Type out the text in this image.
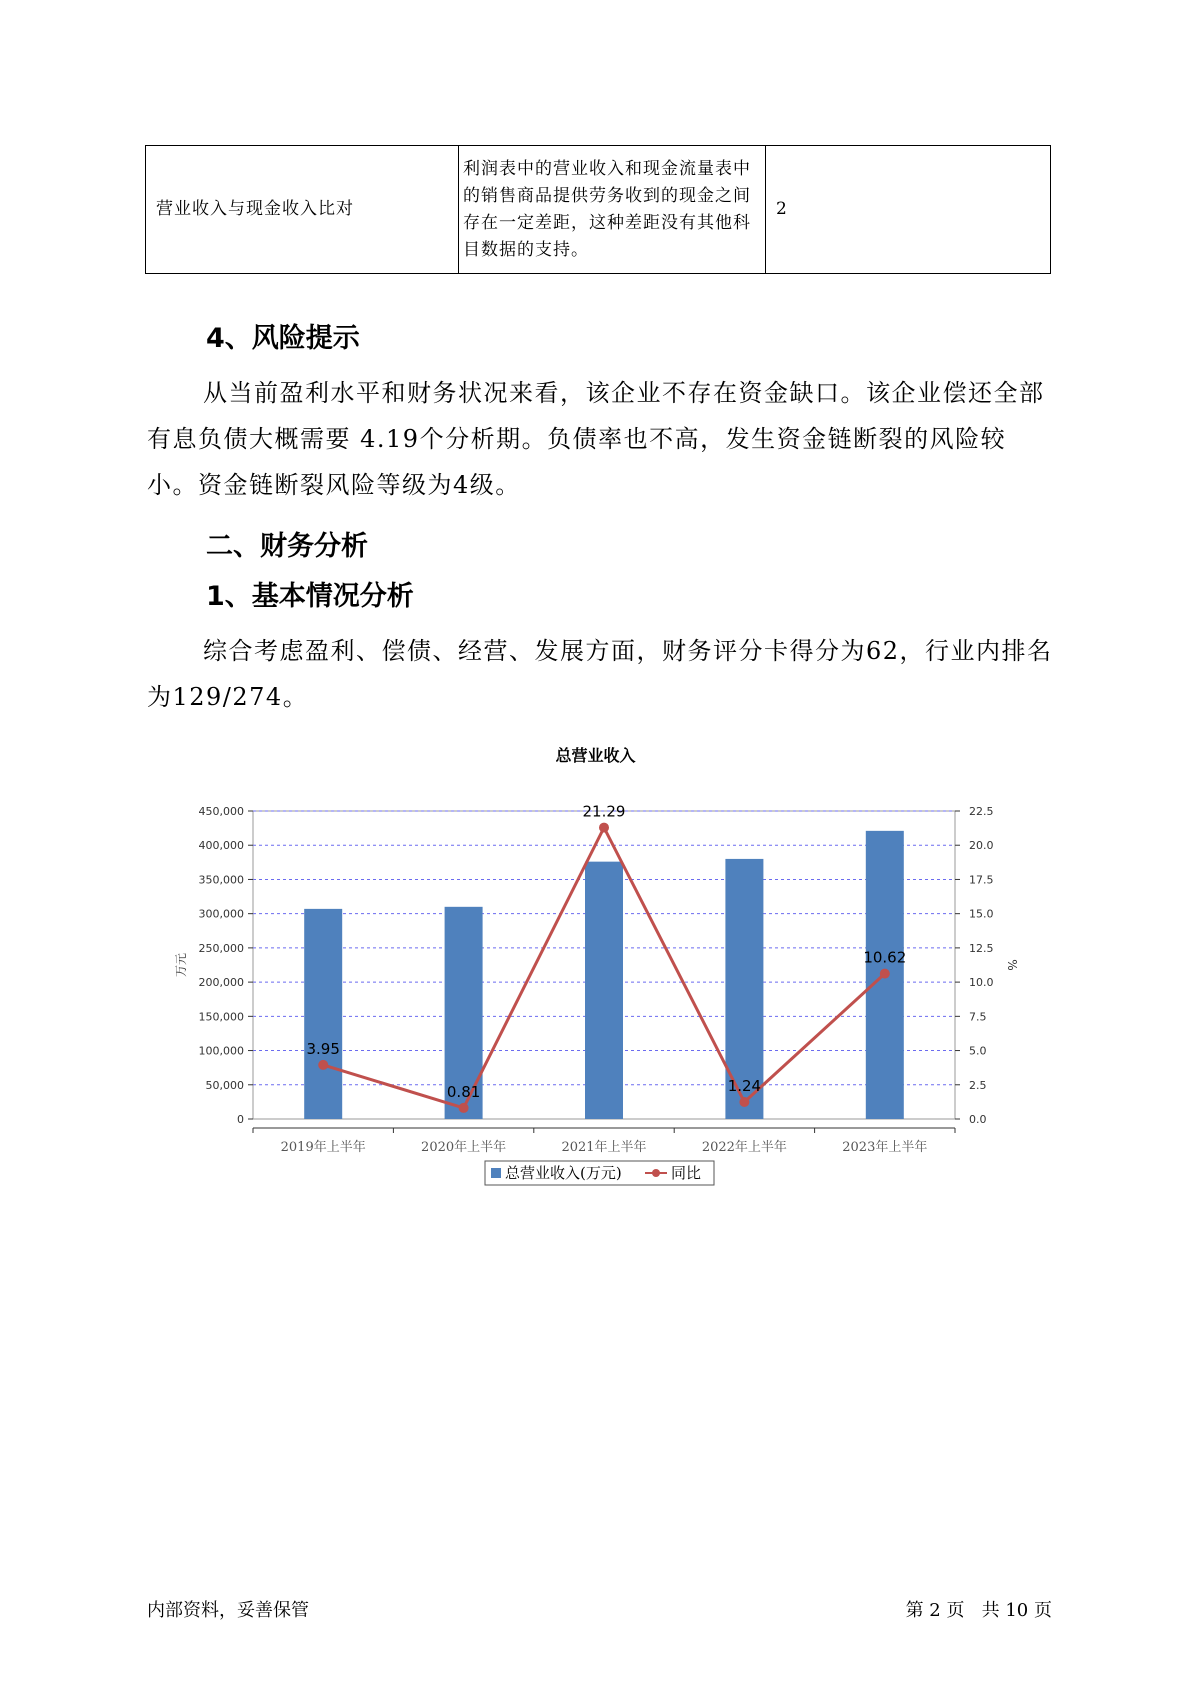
营业收入与现金收入比对	利润表中的营业收入和现金流量表中的销售商品提供劳务收到的现金之间存在一定差距，这种差距没有其他科目数据的支持。	2
4、风险提示

从当前盈利水平和财务状况来看，该企业不存在资金缺口。该企业偿还全部有息负债大概需要 4.19个分析期。负债率也不高，发生资金链断裂的风险较小。资金链断裂风险等级为4级。

二、财务分析
1、基本情况分析

综合考虑盈利、偿债、经营、发展方面，财务评分卡得分为62，行业内排名为129/274。

总营业收入
0	0.0
50,000	2.5
100,000	5.0
150,000	7.5
200,000	10.0
250,000	12.5
300,000	15.0
350,000	17.5
400,000	20.0
450,000	22.5
万元	%
2019年上半年	2020年上半年	2021年上半年	2022年上半年	2023年上半年
3.95
0.81
21.29
1.24
10.62
总营业收入(万元)	同比
内部资料，妥善保管	第 2 页   共 10 页
